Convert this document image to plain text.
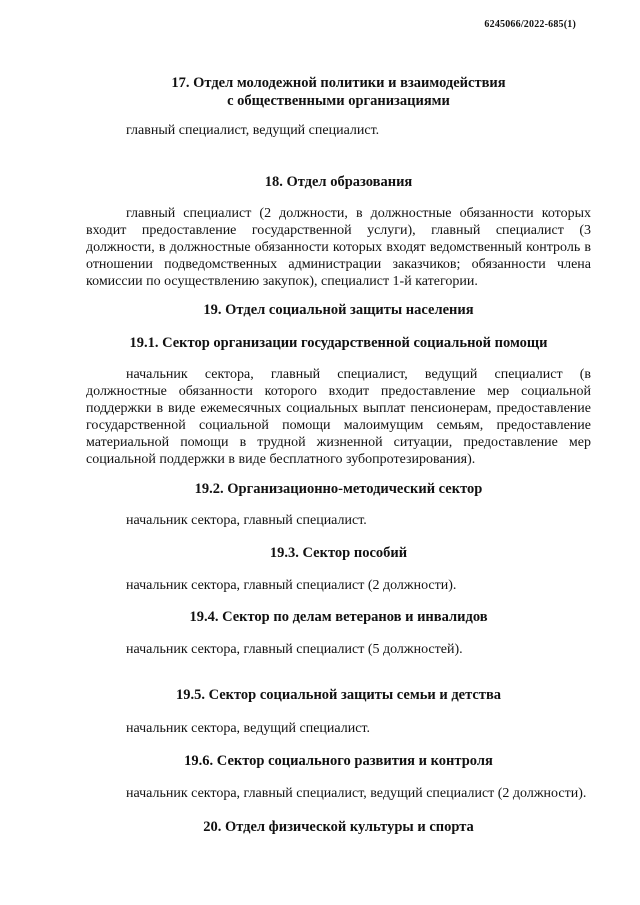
6245066/2022-685(1)
17. Отдел молодежной политики и взаимодействия
с общественными организациями

главный специалист, ведущий специалист.

18. Отдел образования

главный специалист (2 должности, в должностные обязанности которых входит предоставление государственной услуги), главный специалист (3 должности, в должностные обязанности которых входят ведомственный контроль в отношении подведомственных администрации заказчиков; обязанности члена комиссии по осуществлению закупок), специалист 1-й категории.

19. Отдел социальной защиты населения
19.1. Сектор организации государственной социальной помощи

начальник сектора, главный специалист, ведущий специалист (в должностные обязанности которого входит предоставление мер социальной поддержки в виде ежемесячных социальных выплат пенсионерам, предоставление государственной социальной помощи малоимущим семьям, предоставление материальной помощи в трудной жизненной ситуации, предоставление мер социальной поддержки в виде бесплатного зубопротезирования).

19.2. Организационно-методический сектор

начальник сектора, главный специалист.

19.3. Сектор пособий

начальник сектора, главный специалист (2 должности).

19.4. Сектор по делам ветеранов и инвалидов

начальник сектора, главный специалист (5 должностей).

19.5. Сектор социальной защиты семьи и детства

начальник сектора, ведущий специалист.

19.6. Сектор социального развития и контроля

начальник сектора, главный специалист, ведущий специалист (2 должности).

20. Отдел физической культуры и спорта
